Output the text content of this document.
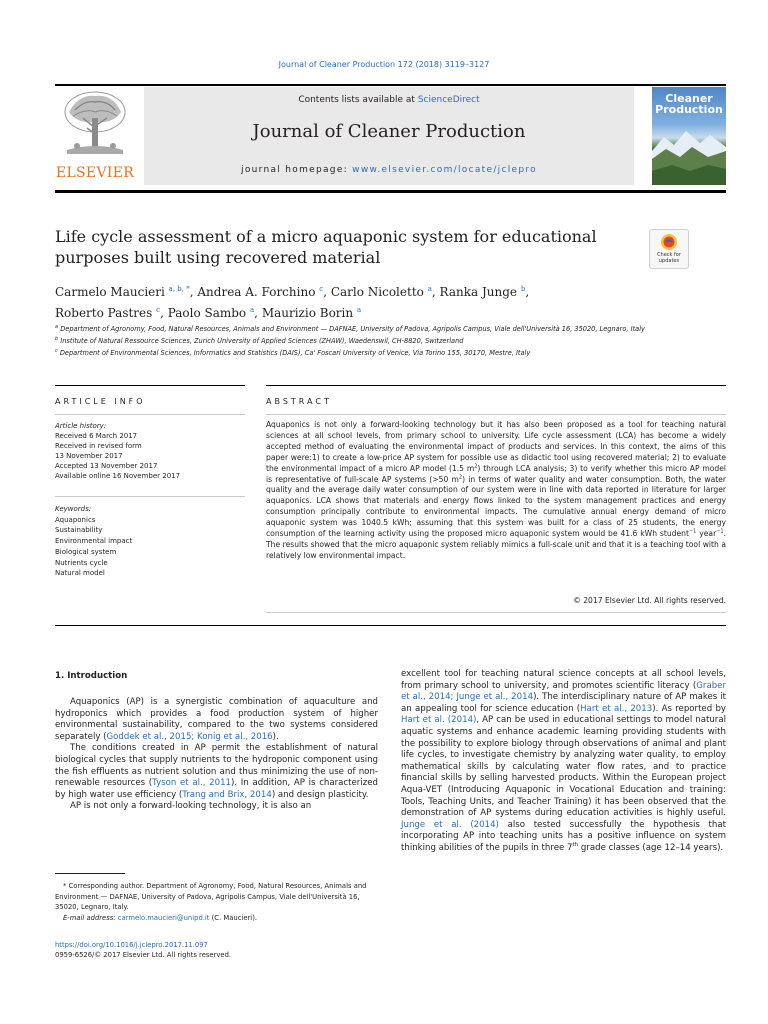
Journal of Cleaner Production 172 (2018) 3119–3127
ELSEVIER
Contents lists available at ScienceDirect
Journal of Cleaner Production
journal homepage: www.elsevier.com/locate/jclepro
Cleaner
Production
Life cycle assessment of a micro aquaponic system for educational purposes built using recovered material	Check for
updates
Carmelo Maucieri $^{a, b, *}$, Andrea A. Forchino $^c$, Carlo Nicoletto $^a$, Ranka Junge $^b$,
Roberto Pastres $^c$, Paolo Sambo $^a$, Maurizio Borin $^a$
$^a$ Department of Agronomy, Food, Natural Resources, Animals and Environment — DAFNAE, University of Padova, Agripolis Campus, Viale dell'Università 16, 35020, Legnaro, Italy
$^b$ Institute of Natural Ressource Sciences, Zurich University of Applied Sciences (ZHAW), Waedenswil, CH-8820, Switzerland
$^c$ Department of Environmental Sciences, Informatics and Statistics (DAIS), Ca' Foscari University of Venice, Via Torino 155, 30170, Mestre, Italy
ARTICLE INFO	ABSTRACT
Article history:
Received 6 March 2017
Received in revised form
13 November 2017
Accepted 13 November 2017
Available online 16 November 2017
Keywords:
Aquaponics
Sustainability
Environmental impact
Biological system
Nutrients cycle
Natural model
Aquaponics is not only a forward-looking technology but it has also been proposed as a tool for teaching natural sciences at all school levels, from primary school to university. Life cycle assessment (LCA) has become a widely accepted method of evaluating the environmental impact of products and services. In this context, the aims of this paper were:1) to create a low-price AP system for possible use as didactic tool using recovered material; 2) to evaluate the environmental impact of a micro AP model (1.5 $m^2$) through LCA analysis; 3) to verify whether this micro AP model is representative of full-scale AP systems (>50 $m^2$) in terms of water quality and water consumption. Both, the water quality and the average daily water consumption of our system were in line with data reported in literature for larger aquaponics. LCA shows that materials and energy flows linked to the system management practices and energy consumption principally contribute to environmental impacts. The cumulative annual energy demand of micro aquaponic system was 1040.5 kWh; assuming that this system was built for a class of 25 students, the energy consumption of the learning activity using the proposed micro aquaponic system would be 41.6 kWh student$^{-1}$ year$^{-1}$. The results showed that the micro aquaponic system reliably mimics a full-scale unit and that it is a teaching tool with a relatively low environmental impact.
© 2017 Elsevier Ltd. All rights reserved.
1. Introduction

Aquaponics (AP) is a synergistic combination of aquaculture and hydroponics which provides a food production system of higher environmental sustainability, compared to the two systems considered separately (Goddek et al., 2015; Konig et al., 2016).

The conditions created in AP permit the establishment of natural biological cycles that supply nutrients to the hydroponic component using the fish effluents as nutrient solution and thus minimizing the use of non-renewable resources (Tyson et al., 2011). In addition, AP is characterized by high water use efficiency (Trang and Brix, 2014) and design plasticity.

AP is not only a forward-looking technology, it is also an

excellent tool for teaching natural science concepts at all school levels, from primary school to university, and promotes scientific literacy (Graber et al., 2014; Junge et al., 2014). The interdisciplinary nature of AP makes it an appealing tool for science education (Hart et al., 2013). As reported by Hart et al. (2014), AP can be used in educational settings to model natural aquatic systems and enhance academic learning providing students with the possibility to explore biology through observations of animal and plant life cycles, to investigate chemistry by analyzing water quality, to employ mathematical skills by calculating water flow rates, and to practice financial skills by selling harvested products. Within the European project Aqua-VET (Introducing Aquaponic in Vocational Education and training: Tools, Teaching Units, and Teacher Training) it has been observed that the demonstration of AP systems during education activities is highly useful. Junge et al. (2014) also tested successfully the hypothesis that incorporating AP into teaching units has a positive influence on system thinking abilities of the pupils in three 7th grade classes (age 12–14 years).

* Corresponding author. Department of Agronomy, Food, Natural Resources, Animals and Environment — DAFNAE, University of Padova, Agripolis Campus, Viale dell'Università 16, 35020, Legnaro, Italy.

E-mail address: carmelo.maucieri@unipd.it (C. Maucieri).

https://doi.org/10.1016/j.jclepro.2017.11.097
0959-6526/© 2017 Elsevier Ltd. All rights reserved.
